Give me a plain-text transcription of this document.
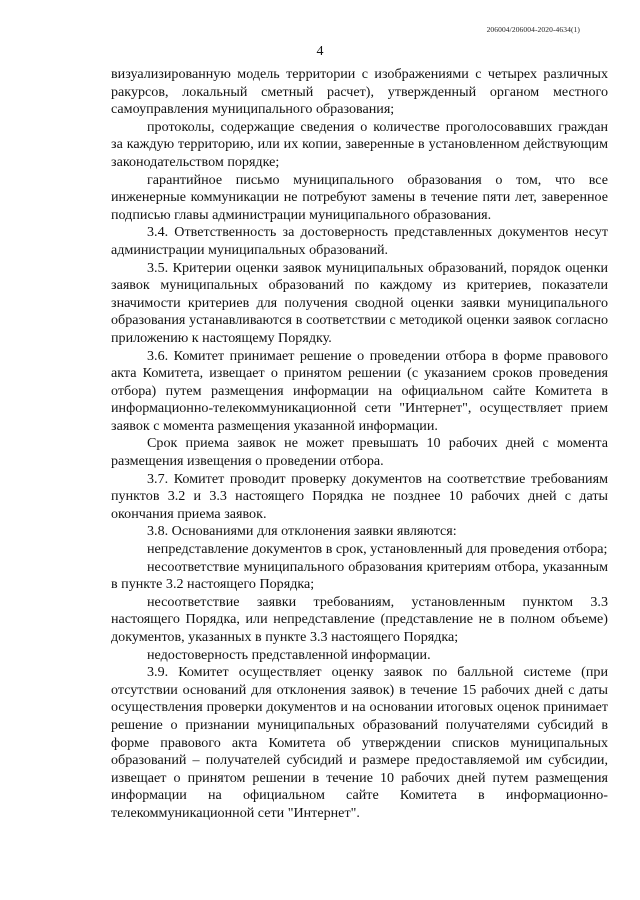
206004/206004-2020-4634(1)
4

визуализированную модель территории с изображениями с четырех различных ракурсов, локальный сметный расчет), утвержденный органом местного самоуправления муниципального образования;

протоколы, содержащие сведения о количестве проголосовавших граждан за каждую территорию, или их копии, заверенные в установленном действующим законодательством порядке;

гарантийное письмо муниципального образования о том, что все инженерные коммуникации не потребуют замены в течение пяти лет, заверенное подписью главы администрации муниципального образования.

3.4. Ответственность за достоверность представленных документов несут администрации муниципальных образований.

3.5. Критерии оценки заявок муниципальных образований, порядок оценки заявок муниципальных образований по каждому из критериев, показатели значимости критериев для получения сводной оценки заявки муниципального образования устанавливаются в соответствии с методикой оценки заявок согласно приложению к настоящему Порядку.

3.6. Комитет принимает решение о проведении отбора в форме правового акта Комитета, извещает о принятом решении (с указанием сроков проведения отбора) путем размещения информации на официальном сайте Комитета в информационно-телекоммуникационной сети "Интернет", осуществляет прием заявок с момента размещения указанной информации.

Срок приема заявок не может превышать 10 рабочих дней с момента размещения извещения о проведении отбора.

3.7. Комитет проводит проверку документов на соответствие требованиям пунктов 3.2 и 3.3 настоящего Порядка не позднее 10 рабочих дней с даты окончания приема заявок.

3.8. Основаниями для отклонения заявки являются:

непредставление документов в срок, установленный для проведения отбора;

несоответствие муниципального образования критериям отбора, указанным в пункте 3.2 настоящего Порядка;

несоответствие заявки требованиям, установленным пунктом 3.3 настоящего Порядка, или непредставление (представление не в полном объеме) документов, указанных в пункте 3.3 настоящего Порядка;

недостоверность представленной информации.

3.9. Комитет осуществляет оценку заявок по балльной системе (при отсутствии оснований для отклонения заявок) в течение 15 рабочих дней с даты осуществления проверки документов и на основании итоговых оценок принимает решение о признании муниципальных образований получателями субсидий в форме правового акта Комитета об утверждении списков муниципальных образований – получателей субсидий и размере предоставляемой им субсидии, извещает о принятом решении в течение 10 рабочих дней путем размещения информации на официальном сайте Комитета в информационно-телекоммуникационной сети "Интернет".
